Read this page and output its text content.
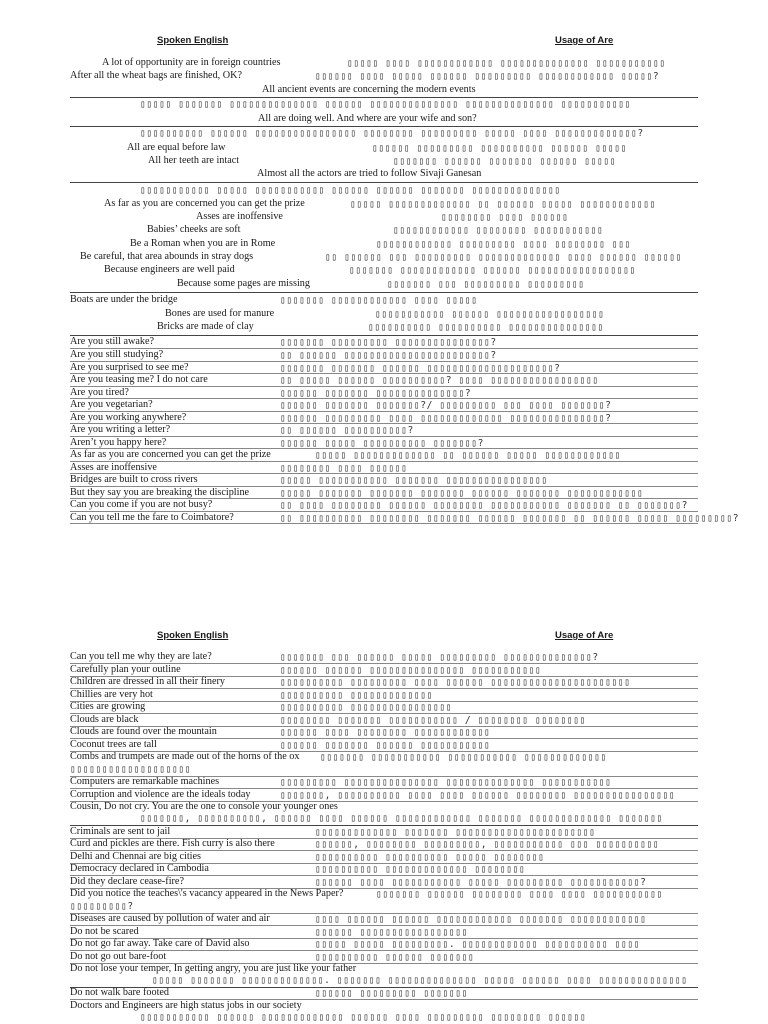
Spoken English	Usage of Are
A lot of opportunity are in foreign countries	▯▯▯▯▯ ▯▯▯▯ ▯▯▯▯▯▯▯▯▯▯▯▯ ▯▯▯▯▯▯▯▯▯▯▯▯▯▯ ▯▯▯▯▯▯▯▯▯▯▯
After all the wheat bags are finished, OK?	▯▯▯▯▯▯ ▯▯▯▯ ▯▯▯▯▯ ▯▯▯▯▯▯ ▯▯▯▯▯▯▯▯▯ ▯▯▯▯▯▯▯▯▯▯▯▯ ▯▯▯▯▯?
All ancient events are concerning the modern events
▯▯▯▯▯ ▯▯▯▯▯▯▯ ▯▯▯▯▯▯▯▯▯▯▯▯▯▯ ▯▯▯▯▯▯ ▯▯▯▯▯▯▯▯▯▯▯▯▯▯ ▯▯▯▯▯▯▯▯▯▯▯▯▯▯ ▯▯▯▯▯▯▯▯▯▯▯
All are doing well. And where are your wife and son?
▯▯▯▯▯▯▯▯▯▯ ▯▯▯▯▯▯ ▯▯▯▯▯▯▯▯▯▯▯▯▯▯▯▯ ▯▯▯▯▯▯▯▯ ▯▯▯▯▯▯▯▯▯ ▯▯▯▯▯ ▯▯▯▯ ▯▯▯▯▯▯▯▯▯▯▯▯▯?
All are equal before law	▯▯▯▯▯▯ ▯▯▯▯▯▯▯▯▯ ▯▯▯▯▯▯▯▯▯▯ ▯▯▯▯▯▯ ▯▯▯▯▯
All her teeth are intact	▯▯▯▯▯▯▯ ▯▯▯▯▯▯ ▯▯▯▯▯▯▯ ▯▯▯▯▯▯ ▯▯▯▯▯
Almost all the actors are tried to follow Sivaji Ganesan
▯▯▯▯▯▯▯▯▯▯▯ ▯▯▯▯▯ ▯▯▯▯▯▯▯▯▯▯▯ ▯▯▯▯▯▯ ▯▯▯▯▯▯ ▯▯▯▯▯▯▯ ▯▯▯▯▯▯▯▯▯▯▯▯▯▯
As far as you are concerned you can get the prize	▯▯▯▯▯ ▯▯▯▯▯▯▯▯▯▯▯▯▯ ▯▯ ▯▯▯▯▯▯ ▯▯▯▯▯ ▯▯▯▯▯▯▯▯▯▯▯▯
Asses are inoffensive	▯▯▯▯▯▯▯▯ ▯▯▯▯ ▯▯▯▯▯▯
Babies’ cheeks are soft	▯▯▯▯▯▯▯▯▯▯▯▯ ▯▯▯▯▯▯▯▯ ▯▯▯▯▯▯▯▯▯▯▯
Be a Roman when you are in Rome	▯▯▯▯▯▯▯▯▯▯▯▯ ▯▯▯▯▯▯▯▯▯ ▯▯▯▯ ▯▯▯▯▯▯▯▯ ▯▯▯
Be careful, that area abounds in stray dogs	▯▯ ▯▯▯▯▯▯ ▯▯▯ ▯▯▯▯▯▯▯▯▯ ▯▯▯▯▯▯▯▯▯▯▯▯▯ ▯▯▯▯ ▯▯▯▯▯▯ ▯▯▯▯▯▯
Because engineers are well paid	▯▯▯▯▯▯▯ ▯▯▯▯▯▯▯▯▯▯▯▯ ▯▯▯▯▯▯ ▯▯▯▯▯▯▯▯▯▯▯▯▯▯▯▯▯
Because some pages are missing	▯▯▯▯▯▯▯ ▯▯▯ ▯▯▯▯▯▯▯▯▯ ▯▯▯▯▯▯▯▯▯
Boats are under the bridge	▯▯▯▯▯▯▯ ▯▯▯▯▯▯▯▯▯▯▯▯ ▯▯▯▯ ▯▯▯▯▯
Bones are used for manure	▯▯▯▯▯▯▯▯▯▯▯ ▯▯▯▯▯▯ ▯▯▯▯▯▯▯▯▯▯▯▯▯▯▯▯▯
Bricks are made of clay	▯▯▯▯▯▯▯▯▯▯ ▯▯▯▯▯▯▯▯▯▯ ▯▯▯▯▯▯▯▯▯▯▯▯▯▯▯
Are you still awake?	▯▯▯▯▯▯▯ ▯▯▯▯▯▯▯▯▯ ▯▯▯▯▯▯▯▯▯▯▯▯▯▯▯?
Are you still studying?	▯▯ ▯▯▯▯▯▯ ▯▯▯▯▯▯▯▯▯▯▯▯▯▯▯▯▯▯▯▯▯▯▯?
Are you surprised to see me?	▯▯▯▯▯▯▯ ▯▯▯▯▯▯▯ ▯▯▯▯▯▯ ▯▯▯▯▯▯▯▯▯▯▯▯▯▯▯▯▯▯▯▯?
Are you teasing me? I do not care	▯▯ ▯▯▯▯▯ ▯▯▯▯▯▯ ▯▯▯▯▯▯▯▯▯▯? ▯▯▯▯ ▯▯▯▯▯▯▯▯▯▯▯▯▯▯▯▯▯
Are you tired?	▯▯▯▯▯▯ ▯▯▯▯▯▯▯ ▯▯▯▯▯▯▯▯▯▯▯▯▯▯?
Are you vegetarian?	▯▯▯▯▯▯ ▯▯▯▯▯▯▯ ▯▯▯▯▯▯▯?/ ▯▯▯▯▯▯▯▯▯ ▯▯▯ ▯▯▯▯ ▯▯▯▯▯▯▯?
Are you working anywhere?	▯▯▯▯▯▯ ▯▯▯▯▯▯▯▯▯ ▯▯▯▯ ▯▯▯▯▯▯▯▯▯▯▯▯▯ ▯▯▯▯▯▯▯▯▯▯▯▯▯▯▯?
Are you writing a letter?	▯▯ ▯▯▯▯▯▯ ▯▯▯▯▯▯▯▯▯▯?
Aren’t you happy here?	▯▯▯▯▯▯ ▯▯▯▯▯ ▯▯▯▯▯▯▯▯▯▯ ▯▯▯▯▯▯▯?
As far as you are concerned you can get the prize	▯▯▯▯▯ ▯▯▯▯▯▯▯▯▯▯▯▯▯ ▯▯ ▯▯▯▯▯▯ ▯▯▯▯▯ ▯▯▯▯▯▯▯▯▯▯▯▯
Asses are inoffensive	▯▯▯▯▯▯▯▯ ▯▯▯▯ ▯▯▯▯▯▯
Bridges are built to cross rivers	▯▯▯▯▯ ▯▯▯▯▯▯▯▯▯▯▯ ▯▯▯▯▯▯▯ ▯▯▯▯▯▯▯▯▯▯▯▯▯▯▯▯
But they say you are breaking the discipline	▯▯▯▯▯ ▯▯▯▯▯▯▯ ▯▯▯▯▯▯▯ ▯▯▯▯▯▯▯ ▯▯▯▯▯▯ ▯▯▯▯▯▯▯ ▯▯▯▯▯▯▯▯▯▯▯▯
Can you come if you are not busy?	▯▯ ▯▯▯▯ ▯▯▯▯▯▯▯▯ ▯▯▯▯▯▯ ▯▯▯▯▯▯▯▯ ▯▯▯▯▯▯▯▯▯▯▯ ▯▯▯▯▯▯▯ ▯▯ ▯▯▯▯▯▯▯?
Can you tell me the fare to Coimbatore?	▯▯ ▯▯▯▯▯▯▯▯▯▯ ▯▯▯▯▯▯▯▯ ▯▯▯▯▯▯▯ ▯▯▯▯▯▯ ▯▯▯▯▯▯▯ ▯▯ ▯▯▯▯▯▯ ▯▯▯▯▯ ▯▯▯▯▯▯▯▯▯?
Spoken English	Usage of Are
Can you tell me why they are late?	▯▯▯▯▯▯▯ ▯▯▯ ▯▯▯▯▯▯ ▯▯▯▯▯ ▯▯▯▯▯▯▯▯▯ ▯▯▯▯▯▯▯▯▯▯▯▯▯▯?
Carefully plan your outline	▯▯▯▯▯▯ ▯▯▯▯▯▯ ▯▯▯▯▯▯▯▯▯▯▯▯▯▯▯ ▯▯▯▯▯▯▯▯▯▯▯
Children are dressed in all their finery	▯▯▯▯▯▯▯▯▯▯ ▯▯▯▯▯▯▯▯▯ ▯▯▯▯ ▯▯▯▯▯▯ ▯▯▯▯▯▯▯▯▯▯▯▯▯▯▯▯▯▯▯▯▯▯
Chillies are very hot	▯▯▯▯▯▯▯▯▯▯ ▯▯▯▯▯▯▯▯▯▯▯▯▯
Cities are growing	▯▯▯▯▯▯▯▯▯▯ ▯▯▯▯▯▯▯▯▯▯▯▯▯▯▯▯
Clouds are black	▯▯▯▯▯▯▯▯ ▯▯▯▯▯▯▯ ▯▯▯▯▯▯▯▯▯▯▯ / ▯▯▯▯▯▯▯▯ ▯▯▯▯▯▯▯▯
Clouds are found over the mountain	▯▯▯▯▯▯ ▯▯▯▯ ▯▯▯▯▯▯▯▯ ▯▯▯▯▯▯▯▯▯▯▯▯
Coconut trees are tall	▯▯▯▯▯▯ ▯▯▯▯▯▯▯ ▯▯▯▯▯▯ ▯▯▯▯▯▯▯▯▯▯▯
Combs and trumpets are made out of the horns of the ox ▯▯▯▯▯▯▯ ▯▯▯▯▯▯▯▯▯▯▯ ▯▯▯▯▯▯▯▯▯▯▯ ▯▯▯▯▯▯▯▯▯▯▯▯▯
▯▯▯▯▯▯▯▯▯▯▯▯▯▯▯▯▯▯▯
Computers are remarkable machines	▯▯▯▯▯▯▯▯▯ ▯▯▯▯▯▯▯▯▯▯▯▯▯▯▯ ▯▯▯▯▯▯▯▯▯▯▯▯▯▯ ▯▯▯▯▯▯▯▯▯▯▯
Corruption and violence are the ideals today	▯▯▯▯▯▯▯, ▯▯▯▯▯▯▯▯▯▯ ▯▯▯▯ ▯▯▯▯ ▯▯▯▯▯▯ ▯▯▯▯▯▯▯▯ ▯▯▯▯▯▯▯▯▯▯▯▯▯▯▯▯
Cousin, Do not cry. You are the one to console your younger ones
▯▯▯▯▯▯▯, ▯▯▯▯▯▯▯▯▯▯, ▯▯▯▯▯▯ ▯▯▯▯ ▯▯▯▯▯▯ ▯▯▯▯▯▯▯▯▯▯▯▯ ▯▯▯▯▯▯▯ ▯▯▯▯▯▯▯▯▯▯▯▯▯ ▯▯▯▯▯▯▯
Criminals are sent to jail	▯▯▯▯▯▯▯▯▯▯▯▯▯ ▯▯▯▯▯▯▯ ▯▯▯▯▯▯▯▯▯▯▯▯▯▯▯▯▯▯▯▯▯▯
Curd and pickles are there. Fish curry is also there	▯▯▯▯▯▯, ▯▯▯▯▯▯▯▯ ▯▯▯▯▯▯▯▯▯, ▯▯▯▯▯▯▯▯▯▯▯ ▯▯▯ ▯▯▯▯▯▯▯▯▯▯
Delhi and Chennai are big cities	▯▯▯▯▯▯▯▯▯▯ ▯▯▯▯▯▯▯▯▯▯ ▯▯▯▯▯ ▯▯▯▯▯▯▯▯
Democracy declared in Cambodia	▯▯▯▯▯▯▯▯▯▯ ▯▯▯▯▯▯▯▯▯▯▯▯▯ ▯▯▯▯▯▯▯▯
Did they declare cease-fire?	▯▯▯▯▯▯ ▯▯▯▯ ▯▯▯▯▯▯▯▯▯▯▯ ▯▯▯▯▯ ▯▯▯▯▯▯▯▯▯ ▯▯▯▯▯▯▯▯▯▯▯?
Did you notice the teaches\'s vacancy appeared in the News Paper?	▯▯▯▯▯▯▯ ▯▯▯▯▯▯ ▯▯▯▯▯▯▯▯ ▯▯▯▯ ▯▯▯▯ ▯▯▯▯▯▯▯▯▯▯▯
▯▯▯▯▯▯▯▯▯?
Diseases are caused by pollution of water and air	▯▯▯▯ ▯▯▯▯▯▯ ▯▯▯▯▯▯ ▯▯▯▯▯▯▯▯▯▯▯▯ ▯▯▯▯▯▯▯ ▯▯▯▯▯▯▯▯▯▯▯▯
Do not be scared	▯▯▯▯▯▯ ▯▯▯▯▯▯▯▯▯▯▯▯▯▯▯▯▯
Do not go far away. Take care of David also	▯▯▯▯▯ ▯▯▯▯▯ ▯▯▯▯▯▯▯▯▯. ▯▯▯▯▯▯▯▯▯▯▯▯ ▯▯▯▯▯▯▯▯▯▯ ▯▯▯▯
Do not go out bare-foot	▯▯▯▯▯▯▯▯▯▯ ▯▯▯▯▯▯ ▯▯▯▯▯▯▯
Do not lose your temper, In getting angry, you are just like your father
▯▯▯▯▯ ▯▯▯▯▯▯▯ ▯▯▯▯▯▯▯▯▯▯▯▯▯. ▯▯▯▯▯▯▯ ▯▯▯▯▯▯▯▯▯▯▯▯▯▯ ▯▯▯▯▯ ▯▯▯▯▯▯ ▯▯▯▯ ▯▯▯▯▯▯▯▯▯▯▯▯▯▯
Do not walk bare footed	▯▯▯▯▯▯ ▯▯▯▯▯▯▯▯▯ ▯▯▯▯▯▯▯
Doctors and Engineers are high status jobs in our society
▯▯▯▯▯▯▯▯▯▯▯ ▯▯▯▯▯▯ ▯▯▯▯▯▯▯▯▯▯▯▯▯ ▯▯▯▯▯▯ ▯▯▯▯ ▯▯▯▯▯▯▯▯▯ ▯▯▯▯▯▯▯▯ ▯▯▯▯▯▯
